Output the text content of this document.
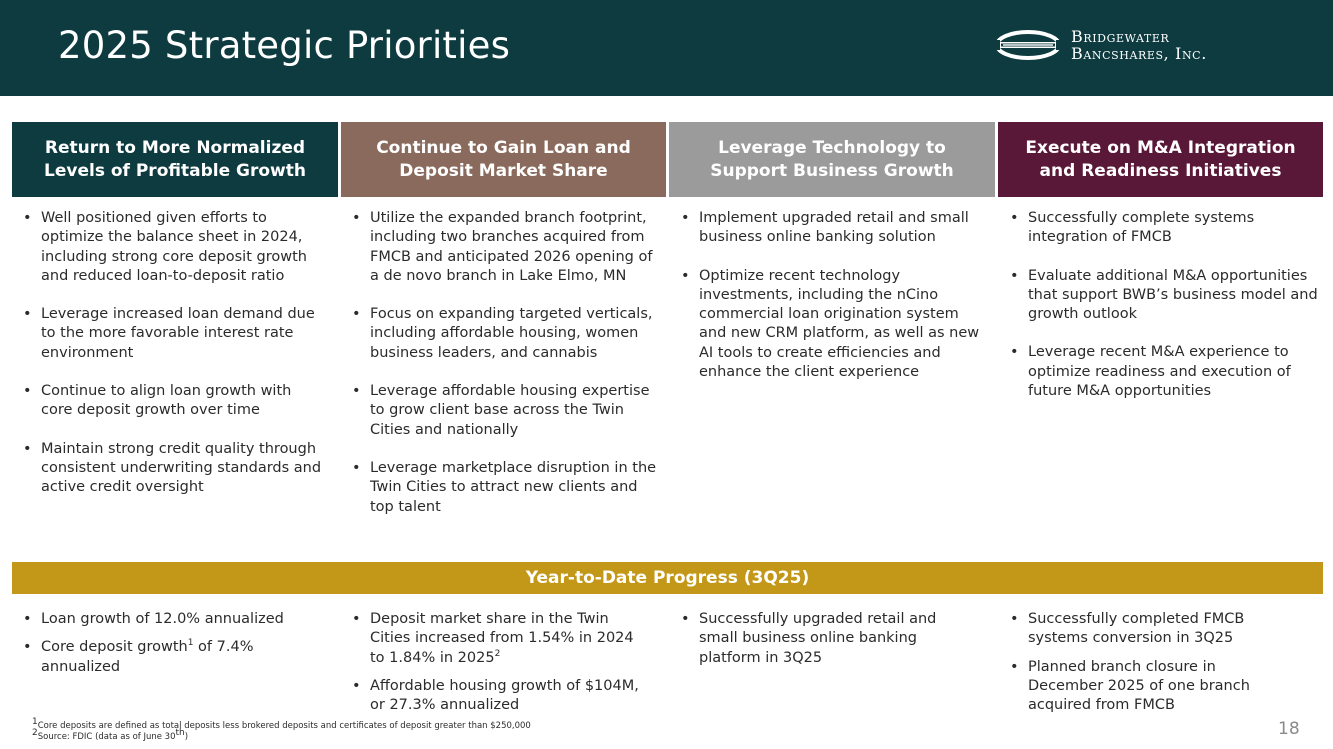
2025 Strategic Priorities	Bridgewater
Bancshares, Inc.
Return to More Normalized
Levels of Profitable Growth
Continue to Gain Loan and
Deposit Market Share
Leverage Technology to
Support Business Growth
Execute on M&A Integration
and Readiness Initiatives
• Well positioned given efforts to optimize the balance sheet in 2024, including strong core deposit growth and reduced loan-to-deposit ratio
• Leverage increased loan demand due to the more favorable interest rate environment
• Continue to align loan growth with core deposit growth over time
• Maintain strong credit quality through consistent underwriting standards and active credit oversight
• Utilize the expanded branch footprint, including two branches acquired from FMCB and anticipated 2026 opening of a de novo branch in Lake Elmo, MN
• Focus on expanding targeted verticals, including affordable housing, women business leaders, and cannabis
• Leverage affordable housing expertise to grow client base across the Twin Cities and nationally
• Leverage marketplace disruption in the Twin Cities to attract new clients and top talent
• Implement upgraded retail and small business online banking solution
• Optimize recent technology investments, including the nCino commercial loan origination system and new CRM platform, as well as new AI tools to create efficiencies and enhance the client experience
• Successfully complete systems integration of FMCB
• Evaluate additional M&A opportunities that support BWB’s business model and growth outlook
• Leverage recent M&A experience to optimize readiness and execution of future M&A opportunities
Year-to-Date Progress (3Q25)
• Loan growth of 12.0% annualized
• Core deposit growth$^1$ of 7.4% annualized
• Deposit market share in the Twin Cities increased from 1.54% in 2024 to 1.84% in 2025$^2$
• Affordable housing growth of $104M, or 27.3% annualized
• Successfully upgraded retail and small business online banking platform in 3Q25
• Successfully completed FMCB systems conversion in 3Q25
• Planned branch closure in December 2025 of one branch acquired from FMCB
$^1$Core deposits are defined as total deposits less brokered deposits and certificates of deposit greater than $250,000
$^2$Source: FDIC (data as of June 30th)	18
